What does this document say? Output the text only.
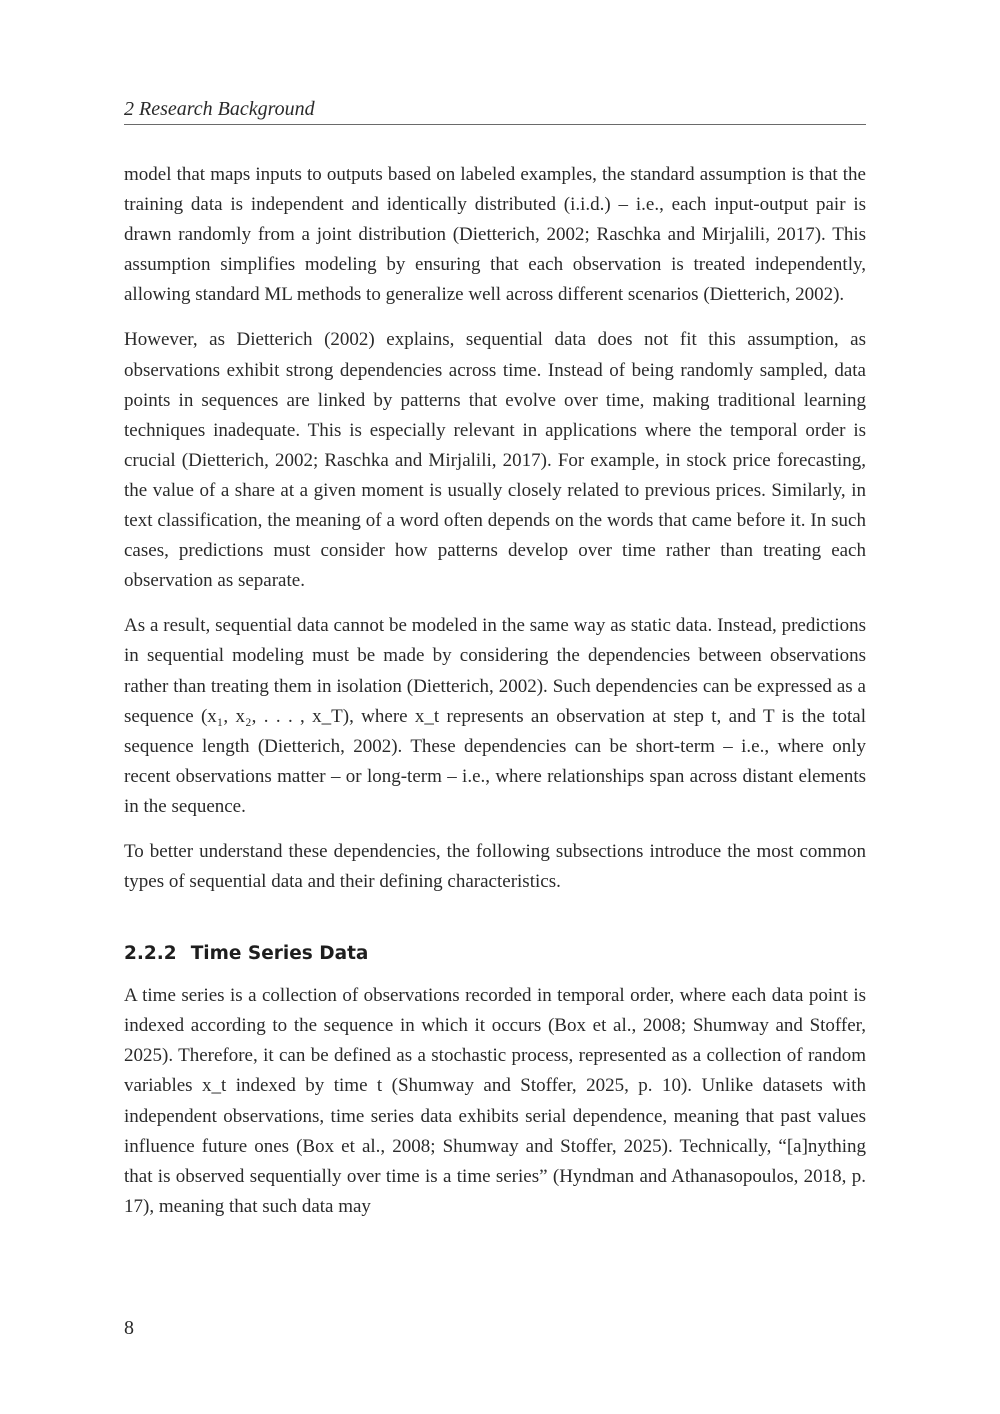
2 Research Background

model that maps inputs to outputs based on labeled examples, the standard assumption is that the training data is independent and identically distributed (i.i.d.) – i.e., each input-output pair is drawn randomly from a joint distribution (Dietterich, 2002; Raschka and Mirjalili, 2017). This assumption simplifies modeling by ensuring that each observation is treated independently, allowing standard ML methods to generalize well across different scenarios (Dietterich, 2002).

However, as Dietterich (2002) explains, sequential data does not fit this assumption, as observations exhibit strong dependencies across time. Instead of being randomly sampled, data points in sequences are linked by patterns that evolve over time, making traditional learning techniques inadequate. This is especially relevant in applications where the temporal order is crucial (Dietterich, 2002; Raschka and Mirjalili, 2017). For example, in stock price forecasting, the value of a share at a given moment is usually closely related to previous prices. Similarly, in text classification, the meaning of a word often depends on the words that came before it. In such cases, predictions must consider how patterns develop over time rather than treating each observation as separate.

As a result, sequential data cannot be modeled in the same way as static data. Instead, predictions in sequential modeling must be made by considering the dependencies between observations rather than treating them in isolation (Dietterich, 2002). Such dependencies can be expressed as a sequence (x₁, x₂, . . . , x_T), where x_t represents an observation at step t, and T is the total sequence length (Dietterich, 2002). These dependencies can be short-term – i.e., where only recent observations matter – or long-term – i.e., where relationships span across distant elements in the sequence.

To better understand these dependencies, the following subsections introduce the most common types of sequential data and their defining characteristics.

2.2.2 Time Series Data

A time series is a collection of observations recorded in temporal order, where each data point is indexed according to the sequence in which it occurs (Box et al., 2008; Shumway and Stoffer, 2025). Therefore, it can be defined as a stochastic process, represented as a collection of random variables x_t indexed by time t (Shumway and Stoffer, 2025, p. 10). Unlike datasets with independent observations, time series data exhibits serial dependence, meaning that past values influence future ones (Box et al., 2008; Shumway and Stoffer, 2025). Technically, “[a]nything that is observed sequentially over time is a time series” (Hyndman and Athanasopoulos, 2018, p. 17), meaning that such data may

8
